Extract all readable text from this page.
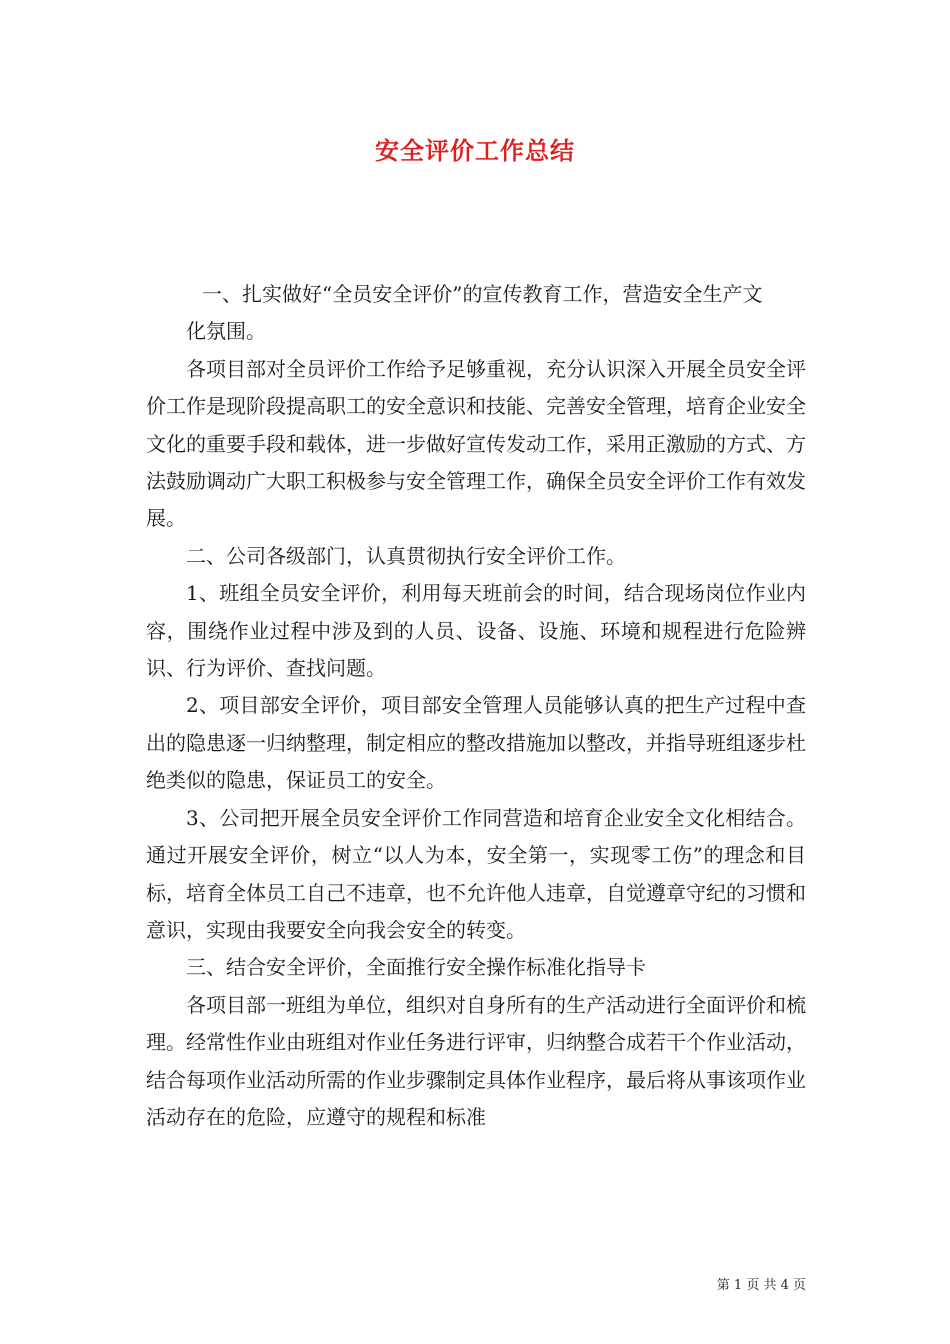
安全评价工作总结

一、扎实做好“全员安全评价”的宣传教育工作，营造安全生产文

化氛围。

各项目部对全员评价工作给予足够重视，充分认识深入开展全员安全评价工作是现阶段提高职工的安全意识和技能、完善安全管理，培育企业安全文化的重要手段和载体，进一步做好宣传发动工作，采用正激励的方式、方法鼓励调动广大职工积极参与安全管理工作，确保全员安全评价工作有效发展。

二、公司各级部门，认真贯彻执行安全评价工作。

1、班组全员安全评价，利用每天班前会的时间，结合现场岗位作业内容，围绕作业过程中涉及到的人员、设备、设施、环境和规程进行危险辨识、行为评价、查找问题。

2、项目部安全评价，项目部安全管理人员能够认真的把生产过程中查出的隐患逐一归纳整理，制定相应的整改措施加以整改，并指导班组逐步杜绝类似的隐患，保证员工的安全。

3、公司把开展全员安全评价工作同营造和培育企业安全文化相结合。通过开展安全评价，树立“以人为本，安全第一，实现零工伤”的理念和目标，培育全体员工自己不违章，也不允许他人违章，自觉遵章守纪的习惯和意识，实现由我要安全向我会安全的转变。

三、结合安全评价，全面推行安全操作标准化指导卡

各项目部一班组为单位，组织对自身所有的生产活动进行全面评价和梳理。经常性作业由班组对作业任务进行评审，归纳整合成若干个作业活动，结合每项作业活动所需的作业步骤制定具体作业程序，最后将从事该项作业活动存在的危险，应遵守的规程和标准

第 1 页 共 4 页
